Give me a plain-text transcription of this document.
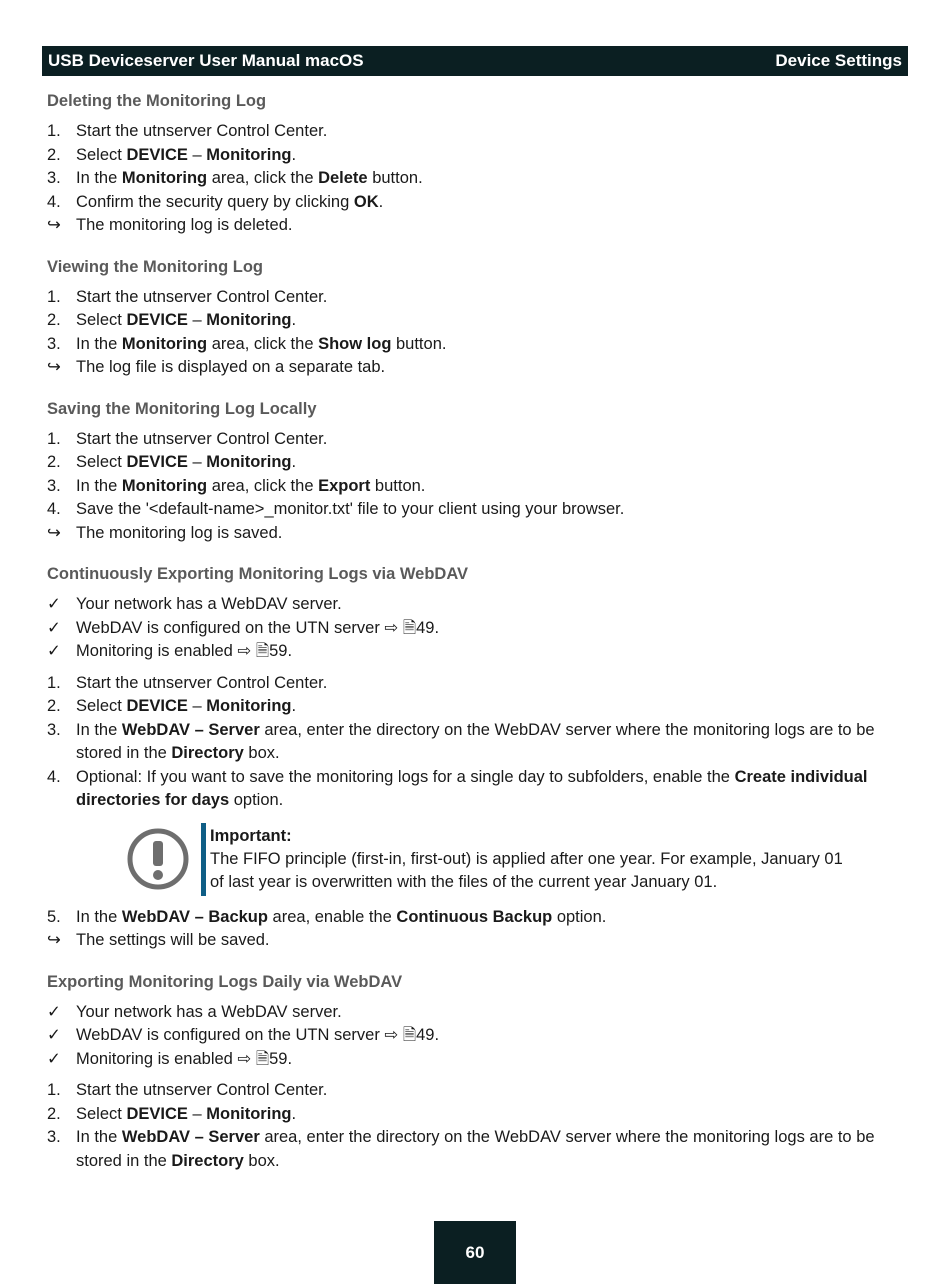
USB Deviceserver User Manual macOS	Device Settings
Deleting the Monitoring Log
1. Start the utnserver Control Center.
2. Select DEVICE – Monitoring.
3. In the Monitoring area, click the Delete button.
4. Confirm the security query by clicking OK.
↪ The monitoring log is deleted.
Viewing the Monitoring Log
1. Start the utnserver Control Center.
2. Select DEVICE – Monitoring.
3. In the Monitoring area, click the Show log button.
↪ The log file is displayed on a separate tab.
Saving the Monitoring Log Locally
1. Start the utnserver Control Center.
2. Select DEVICE – Monitoring.
3. In the Monitoring area, click the Export button.
4. Save the '<default-name>_monitor.txt' file to your client using your browser.
↪ The monitoring log is saved.
Continuously Exporting Monitoring Logs via WebDAV
✓ Your network has a WebDAV server.
✓ WebDAV is configured on the UTN server ⇨ 🗎49.
✓ Monitoring is enabled ⇨ 🗎59.
1. Start the utnserver Control Center.
2. Select DEVICE – Monitoring.
3. In the WebDAV – Server area, enter the directory on the WebDAV server where the monitoring logs are to be stored in the Directory box.
4. Optional: If you want to save the monitoring logs for a single day to subfolders, enable the Create individual directories for days option.
Important:
The FIFO principle (first-in, first-out) is applied after one year. For example, January 01 of last year is overwritten with the files of the current year January 01.
5. In the WebDAV – Backup area, enable the Continuous Backup option.
↪ The settings will be saved.
Exporting Monitoring Logs Daily via WebDAV
✓ Your network has a WebDAV server.
✓ WebDAV is configured on the UTN server ⇨ 🗎49.
✓ Monitoring is enabled ⇨ 🗎59.
1. Start the utnserver Control Center.
2. Select DEVICE – Monitoring.
3. In the WebDAV – Server area, enter the directory on the WebDAV server where the monitoring logs are to be stored in the Directory box.
60
